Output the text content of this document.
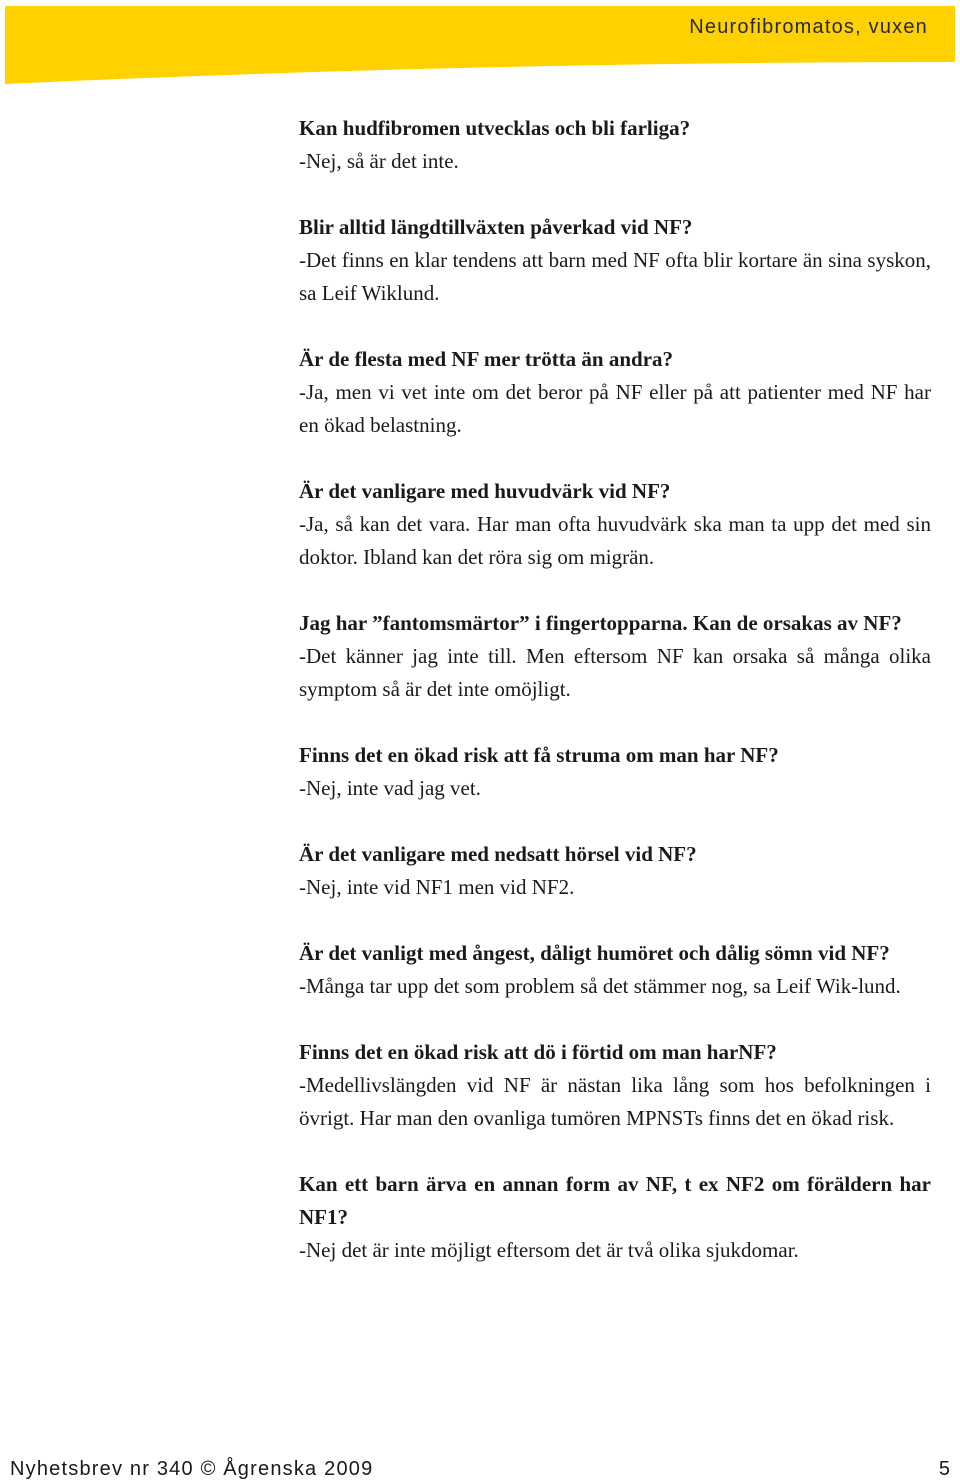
Neurofibromatos, vuxen

Kan hudfibromen utvecklas och bli farliga?

-Nej, så är det inte.

Blir alltid längdtillväxten påverkad vid NF?

-Det finns en klar tendens att barn med NF ofta blir kortare än sina syskon, sa Leif Wiklund.

Är de flesta med NF mer trötta än andra?

-Ja, men vi vet inte om det beror på NF eller på att patienter med NF har en ökad belastning.

Är det vanligare med huvudvärk vid NF?

-Ja, så kan det vara. Har man ofta huvudvärk ska man ta upp det med sin doktor. Ibland kan det röra sig om migrän.

Jag har ”fantomsmärtor” i fingertopparna. Kan de orsakas av NF?

-Det känner jag inte till. Men eftersom NF kan orsaka så många olika symptom så är det inte omöjligt.

Finns det en ökad risk att få struma om man har NF?

-Nej, inte vad jag vet.

Är det vanligare med nedsatt hörsel vid NF?

-Nej, inte vid NF1 men vid NF2.

Är det vanligt med ångest, dåligt humöret och dålig sömn vid NF?

-Många tar upp det som problem så det stämmer nog, sa Leif Wik-lund.

Finns det en ökad risk att dö i förtid om man harNF?

-Medellivslängden vid NF är nästan lika lång som hos befolkningen i övrigt. Har man den ovanliga tumören MPNSTs finns det en ökad risk.

Kan ett barn ärva en annan form av NF, t ex NF2 om föräldern har NF1?

-Nej det är inte möjligt eftersom det är två olika sjukdomar.

Nyhetsbrev nr 340 © Ågrenska 2009	5
